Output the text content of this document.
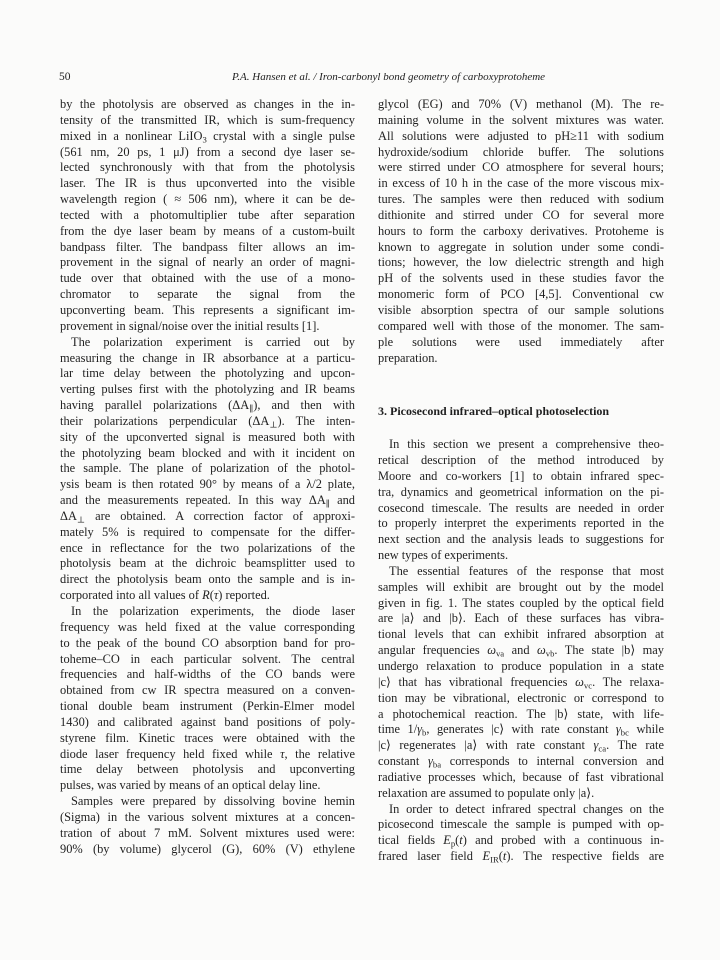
50	P.A. Hansen et al. / Iron-carbonyl bond geometry of carboxyprotoheme
by the photolysis are observed as changes in the in-
tensity of the transmitted IR, which is sum-frequency
mixed in a nonlinear LiIO$_3$ crystal with a single pulse
(561 nm, 20 ps, 1 μJ) from a second dye laser se-
lected synchronously with that from the photolysis
laser. The IR is thus upconverted into the visible
wavelength region ( ≈ 506 nm), where it can be de-
tected with a photomultiplier tube after separation
from the dye laser beam by means of a custom-built
bandpass filter. The bandpass filter allows an im-
provement in the signal of nearly an order of magni-
tude over that obtained with the use of a mono-
chromator to separate the signal from the
upconverting beam. This represents a significant im-
provement in signal/noise over the initial results [1].
The polarization experiment is carried out by
measuring the change in IR absorbance at a particu-
lar time delay between the photolyzing and upcon-
verting pulses first with the photolyzing and IR beams
having parallel polarizations $(\Delta A_\parallel)$, and then with
their polarizations perpendicular $(\Delta A_\perp)$. The inten-
sity of the upconverted signal is measured both with
the photolyzing beam blocked and with it incident on
the sample. The plane of polarization of the photol-
ysis beam is then rotated 90° by means of a λ/2 plate,
and the measurements repeated. In this way $\Delta A_\parallel$ and
$\Delta A_\perp$ are obtained. A correction factor of approxi-
mately 5% is required to compensate for the differ-
ence in reflectance for the two polarizations of the
photolysis beam at the dichroic beamsplitter used to
direct the photolysis beam onto the sample and is in-
corporated into all values of R(τ) reported.
In the polarization experiments, the diode laser
frequency was held fixed at the value corresponding
to the peak of the bound CO absorption band for pro-
toheme–CO in each particular solvent. The central
frequencies and half-widths of the CO bands were
obtained from cw IR spectra measured on a conven-
tional double beam instrument (Perkin-Elmer model
1430) and calibrated against band positions of poly-
styrene film. Kinetic traces were obtained with the
diode laser frequency held fixed while τ, the relative
time delay between photolysis and upconverting
pulses, was varied by means of an optical delay line.
Samples were prepared by dissolving bovine hemin
(Sigma) in the various solvent mixtures at a concen-
tration of about 7 mM. Solvent mixtures used were:
90% (by volume) glycerol (G), 60% (V) ethylene
glycol (EG) and 70% (V) methanol (M). The re-
maining volume in the solvent mixtures was water.
All solutions were adjusted to pH≥11 with sodium
hydroxide/sodium chloride buffer. The solutions
were stirred under CO atmosphere for several hours;
in excess of 10 h in the case of the more viscous mix-
tures. The samples were then reduced with sodium
dithionite and stirred under CO for several more
hours to form the carboxy derivatives. Protoheme is
known to aggregate in solution under some condi-
tions; however, the low dielectric strength and high
pH of the solvents used in these studies favor the
monomeric form of PCO [4,5]. Conventional cw
visible absorption spectra of our sample solutions
compared well with those of the monomer. The sam-
ple solutions were used immediately after
preparation.
3. Picosecond infrared–optical photoselection
In this section we present a comprehensive theo-
retical description of the method introduced by
Moore and co-workers [1] to obtain infrared spec-
tra, dynamics and geometrical information on the pi-
cosecond timescale. The results are needed in order
to properly interpret the experiments reported in the
next section and the analysis leads to suggestions for
new types of experiments.
The essential features of the response that most
samples will exhibit are brought out by the model
given in fig. 1. The states coupled by the optical field
are |a⟩ and |b⟩. Each of these surfaces has vibra-
tional levels that can exhibit infrared absorption at
angular frequencies $\omega_{va}$ and $\omega_{vb}$. The state |b⟩ may
undergo relaxation to produce population in a state
|c⟩ that has vibrational frequencies $\omega_{vc}$. The relaxa-
tion may be vibrational, electronic or correspond to
a photochemical reaction. The |b⟩ state, with life-
time $1/\gamma_b$, generates |c⟩ with rate constant $\gamma_{bc}$ while
|c⟩ regenerates |a⟩ with rate constant $\gamma_{ca}$. The rate
constant $\gamma_{ba}$ corresponds to internal conversion and
radiative processes which, because of fast vibrational
relaxation are assumed to populate only |a⟩.
In order to detect infrared spectral changes on the
picosecond timescale the sample is pumped with op-
tical fields $E_p(t)$ and probed with a continuous in-
frared laser field $E_{IR}(t)$. The respective fields are
